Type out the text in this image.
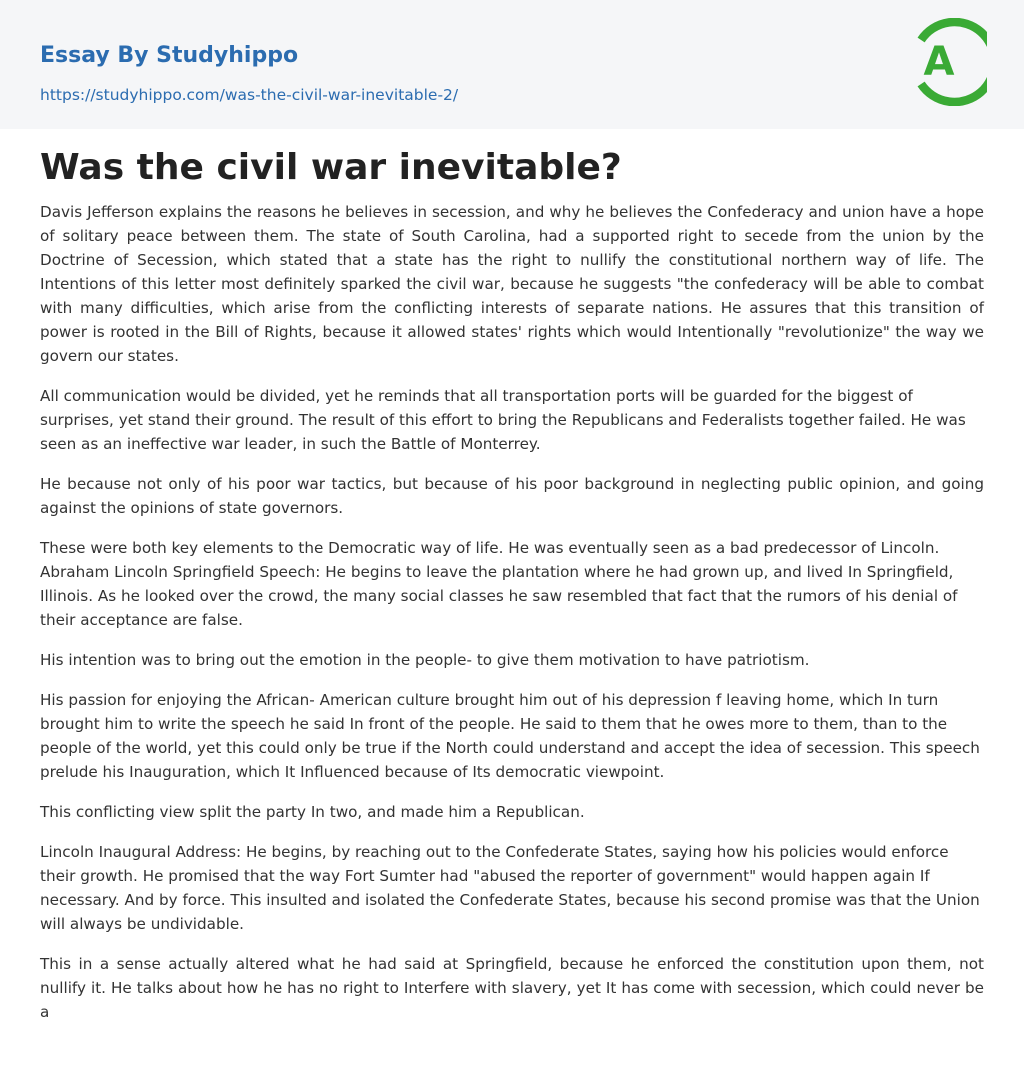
Essay By Studyhippo
https://studyhippo.com/was-the-civil-war-inevitable-2/
A
Was the civil war inevitable?

Davis Jefferson explains the reasons he believes in secession, and why he believes the Confederacy and union have a hope of solitary peace between them. The state of South Carolina, had a supported right to secede from the union by the Doctrine of Secession, which stated that a state has the right to nullify the constitutional northern way of life. The Intentions of this letter most definitely sparked the civil war, because he suggests "the confederacy will be able to combat with many difficulties, which arise from the conflicting interests of separate nations. He assures that this transition of power is rooted in the Bill of Rights, because it allowed states' rights which would Intentionally "revolutionize" the way we govern our states.

All communication would be divided, yet he reminds that all transportation ports will be guarded for the biggest of surprises, yet stand their ground. The result of this effort to bring the Republicans and Federalists together failed. He was seen as an ineffective war leader, in such the Battle of Monterrey.

He because not only of his poor war tactics, but because of his poor background in neglecting public opinion, and going against the opinions of state governors.

These were both key elements to the Democratic way of life. He was eventually seen as a bad predecessor of Lincoln. Abraham Lincoln Springfield Speech: He begins to leave the plantation where he had grown up, and lived In Springfield, Illinois. As he looked over the crowd, the many social classes he saw resembled that fact that the rumors of his denial of their acceptance are false.

His intention was to bring out the emotion in the people- to give them motivation to have patriotism.

His passion for enjoying the African- American culture brought him out of his depression f leaving home, which In turn brought him to write the speech he said In front of the people. He said to them that he owes more to them, than to the people of the world, yet this could only be true if the North could understand and accept the idea of secession. This speech prelude his Inauguration, which It Influenced because of Its democratic viewpoint.

This conflicting view split the party In two, and made him a Republican.

Lincoln Inaugural Address: He begins, by reaching out to the Confederate States, saying how his policies would enforce their growth. He promised that the way Fort Sumter had "abused the reporter of government" would happen again If necessary. And by force. This insulted and isolated the Confederate States, because his second promise was that the Union will always be undividable.

This in a sense actually altered what he had said at Springfield, because he enforced the constitution upon them, not nullify it. He talks about how he has no right to Interfere with slavery, yet It has come with secession, which could never be a
